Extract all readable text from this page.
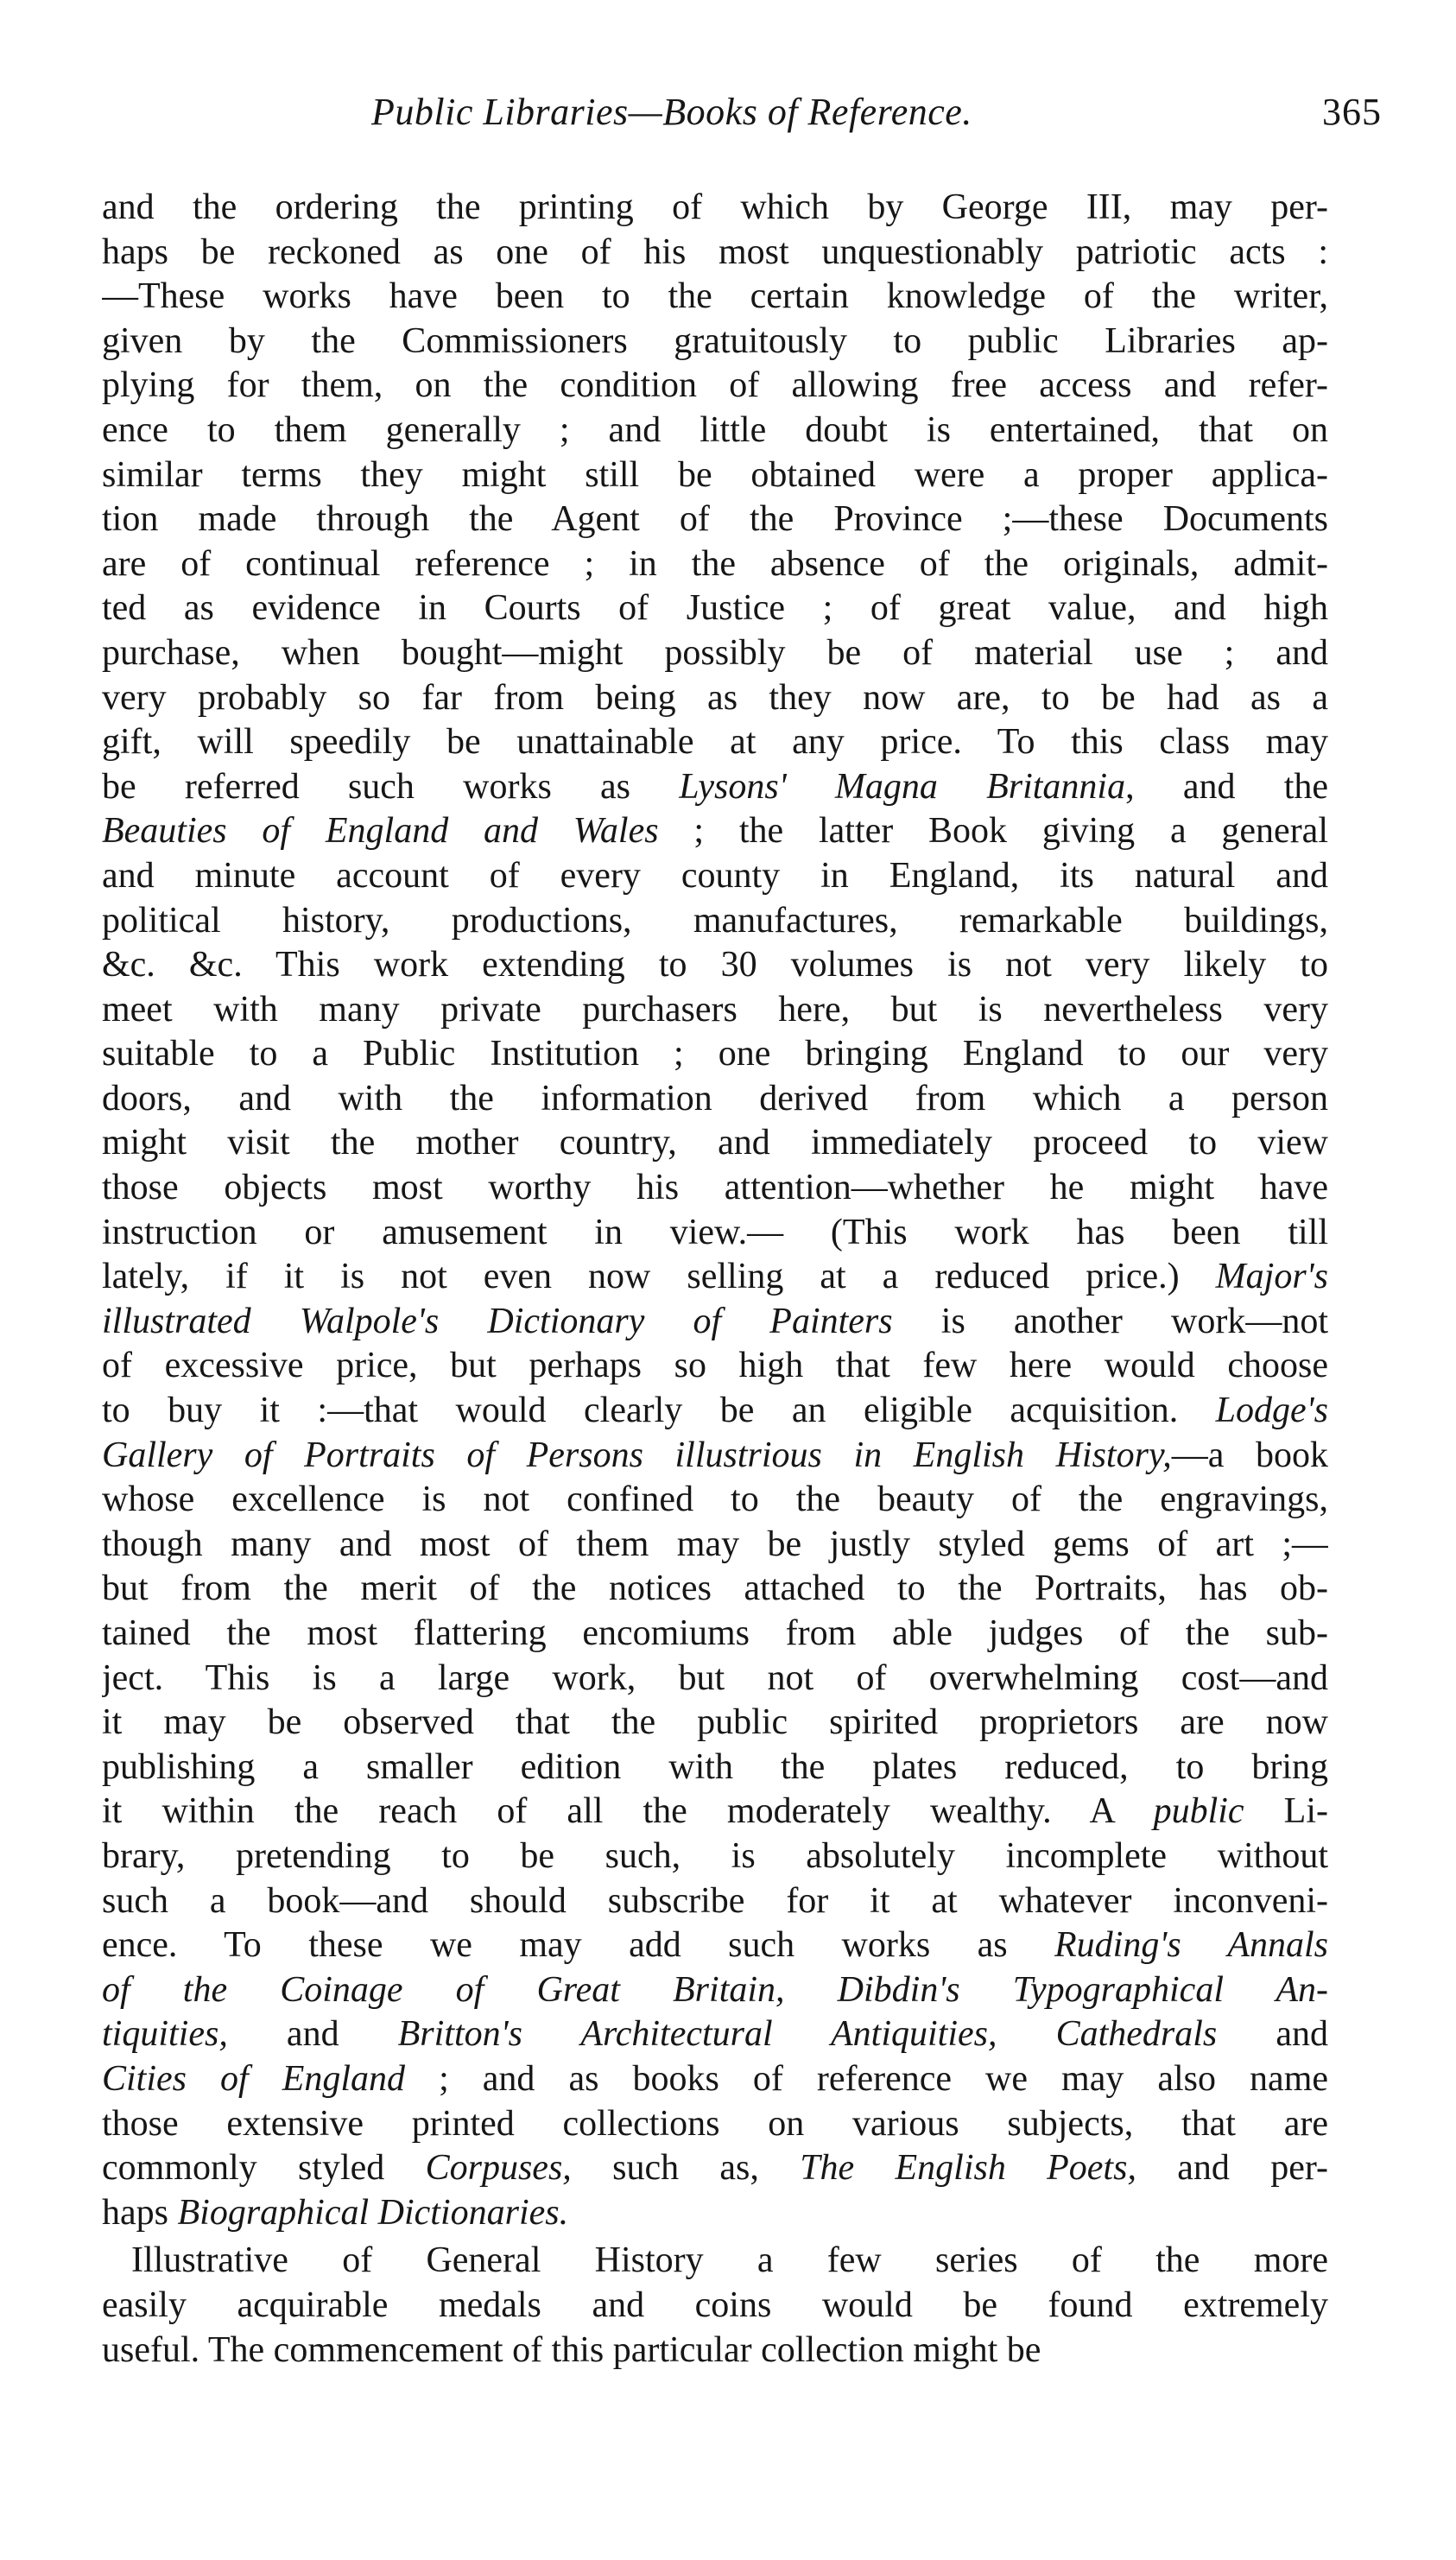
Public Libraries—Books of Reference.	365
and the ordering the printing of which by George III, may per-
haps be reckoned as one of his most unquestionably patriotic acts :
—These works have been to the certain knowledge of the writer,
given by the Commissioners gratuitously to public Libraries ap-
plying for them, on the condition of allowing free access and refer-
ence to them generally ; and little doubt is entertained, that on
similar terms they might still be obtained were a proper applica-
tion made through the Agent of the Province ;—these Documents
are of continual reference ; in the absence of the originals, admit-
ted as evidence in Courts of Justice ; of great value, and high
purchase, when bought—might possibly be of material use ; and
very probably so far from being as they now are, to be had as a
gift, will speedily be unattainable at any price. To this class may
be referred such works as Lysons' Magna Britannia, and the
Beauties of England and Wales ; the latter Book giving a general
and minute account of every county in England, its natural and
political history, productions, manufactures, remarkable buildings,
&c. &c. This work extending to 30 volumes is not very likely to
meet with many private purchasers here, but is nevertheless very
suitable to a Public Institution ; one bringing England to our very
doors, and with the information derived from which a person
might visit the mother country, and immediately proceed to view
those objects most worthy his attention—whether he might have
instruction or amusement in view.— (This work has been till
lately, if it is not even now selling at a reduced price.) Major's
illustrated Walpole's Dictionary of Painters is another work—not
of excessive price, but perhaps so high that few here would choose
to buy it :—that would clearly be an eligible acquisition. Lodge's
Gallery of Portraits of Persons illustrious in English History,—a book
whose excellence is not confined to the beauty of the engravings,
though many and most of them may be justly styled gems of art ;—
but from the merit of the notices attached to the Portraits, has ob-
tained the most flattering encomiums from able judges of the sub-
ject. This is a large work, but not of overwhelming cost—and
it may be observed that the public spirited proprietors are now
publishing a smaller edition with the plates reduced, to bring
it within the reach of all the moderately wealthy. A public Li-
brary, pretending to be such, is absolutely incomplete without
such a book—and should subscribe for it at whatever inconveni-
ence. To these we may add such works as Ruding's Annals
of the Coinage of Great Britain, Dibdin's Typographical An-
tiquities, and Britton's Architectural Antiquities, Cathedrals and
Cities of England ; and as books of reference we may also name
those extensive printed collections on various subjects, that are
commonly styled Corpuses, such as, The English Poets, and per-
haps Biographical Dictionaries.
Illustrative of General History a few series of the more
easily acquirable medals and coins would be found extremely
useful. The commencement of this particular collection might be
